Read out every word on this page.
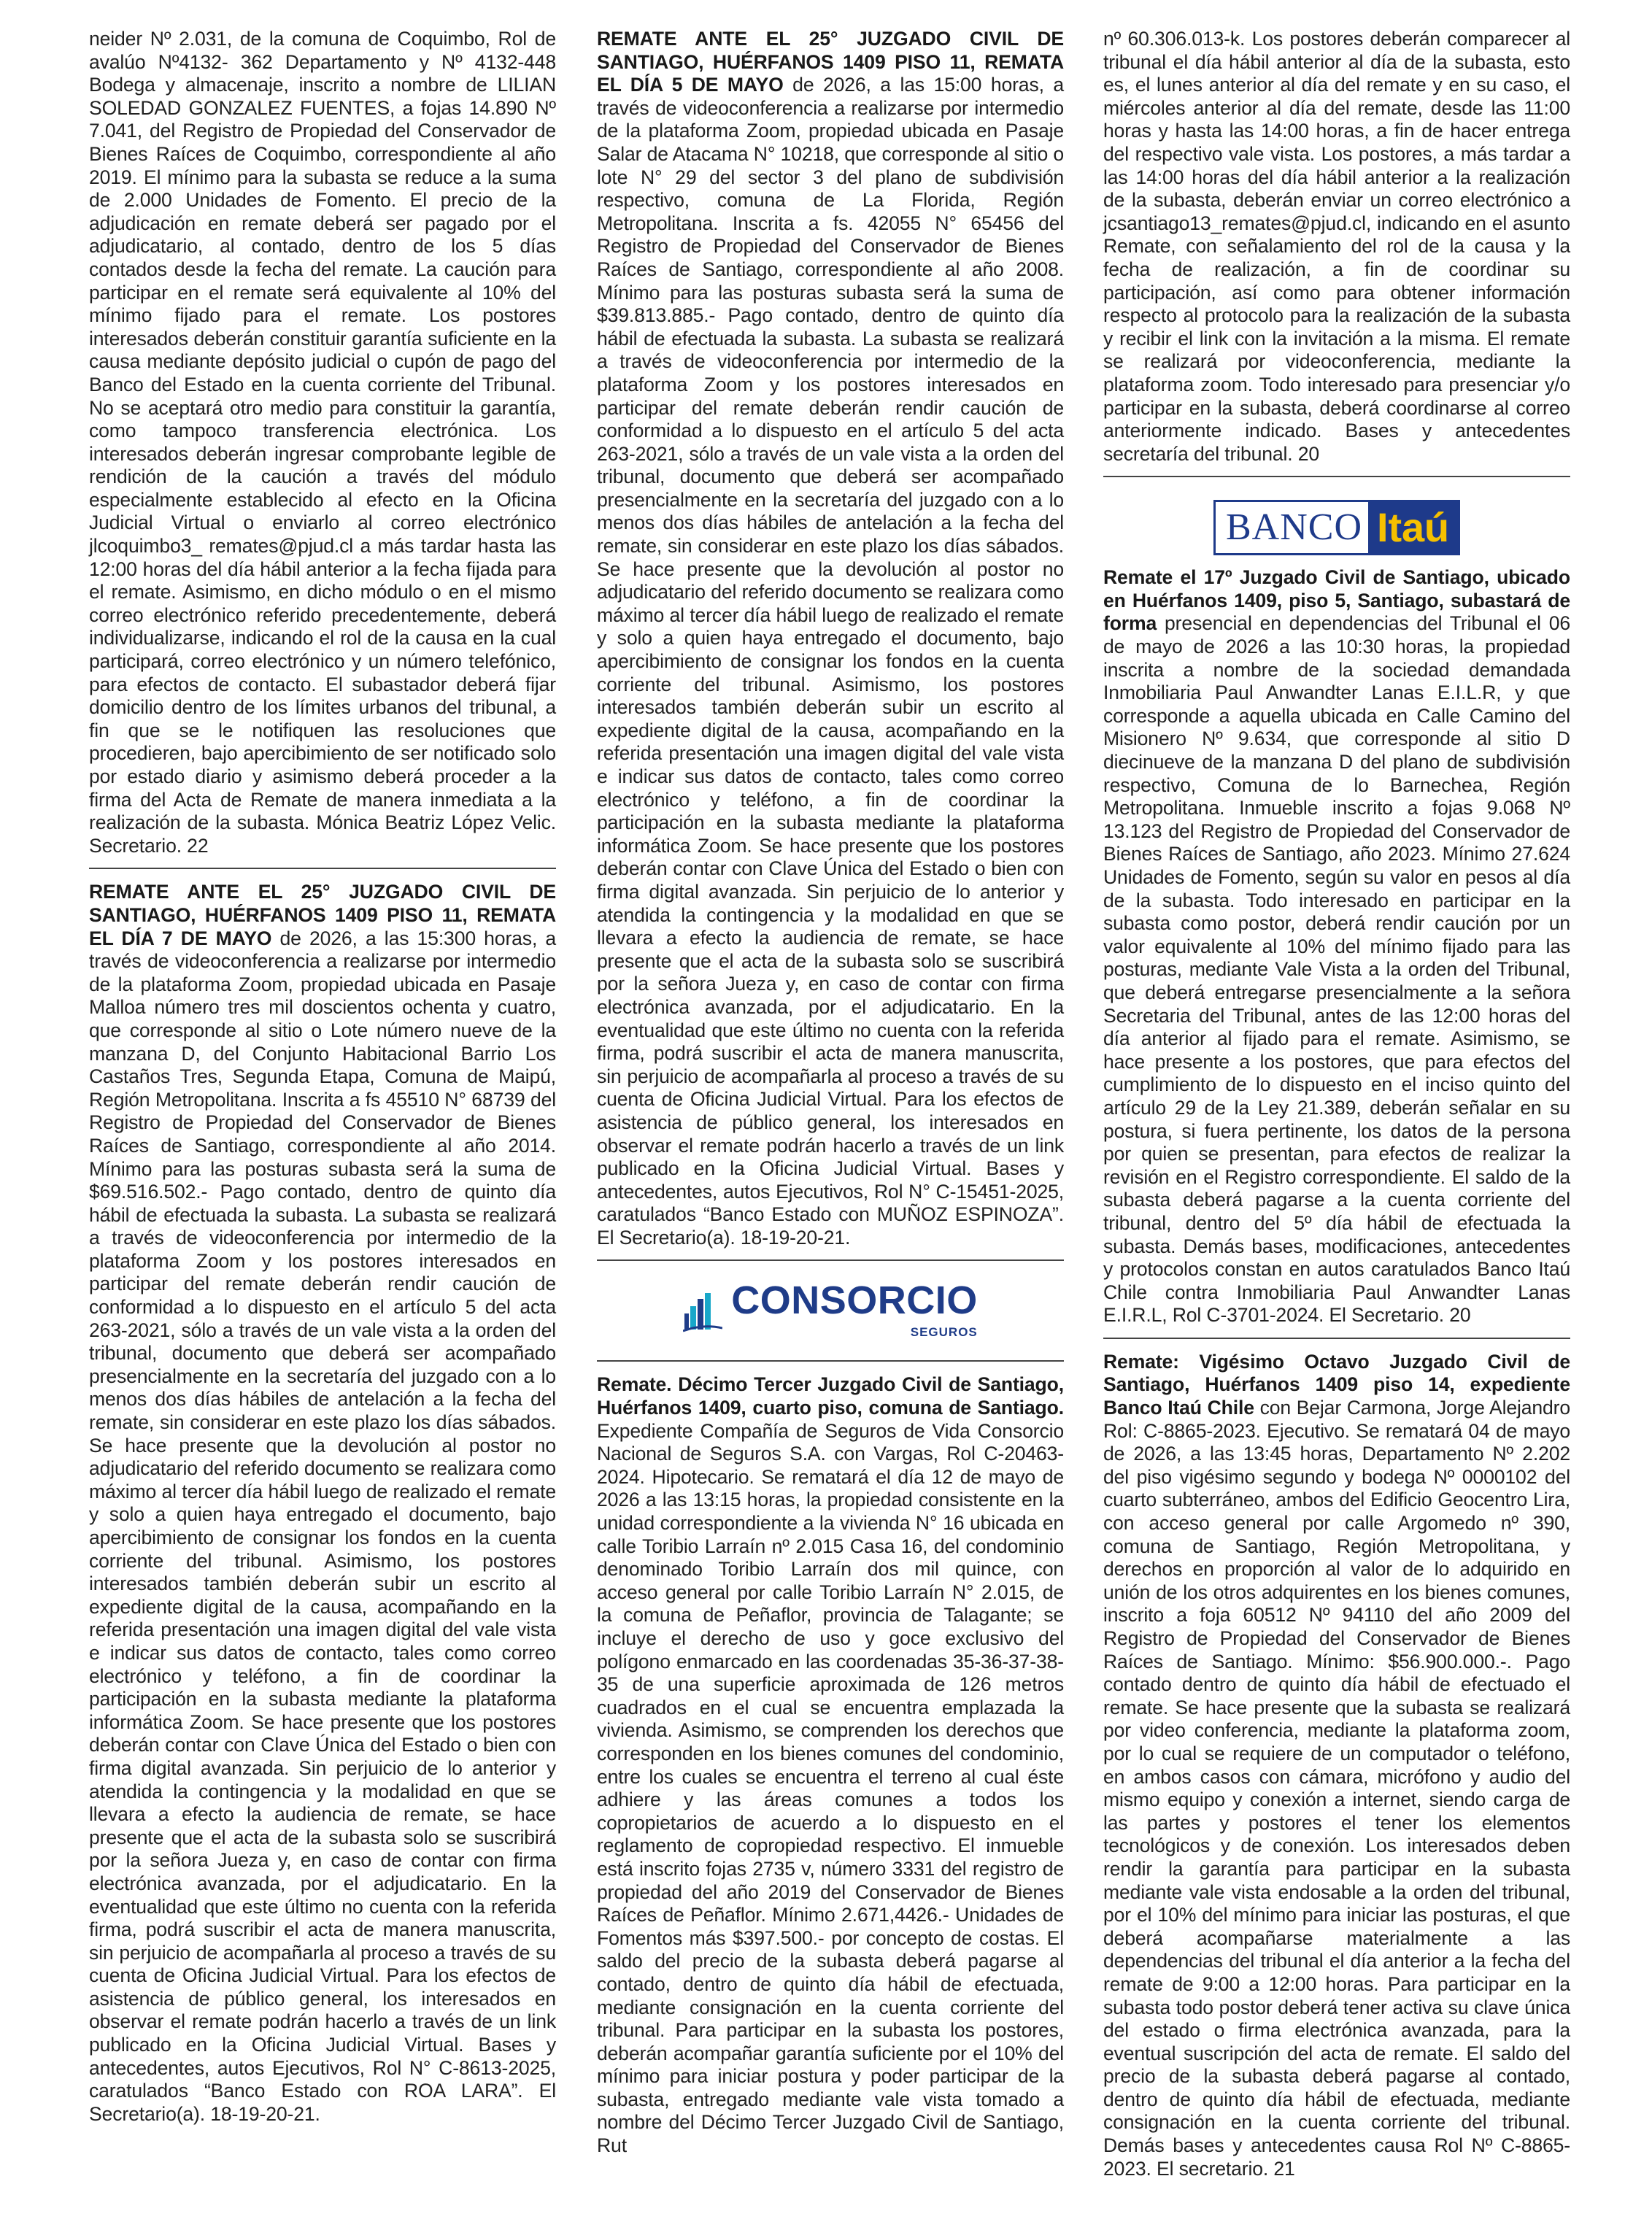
neider Nº 2.031, de la comuna de Coquimbo, Rol de avalúo Nº4132- 362 Departamento y Nº 4132-448 Bodega y almacenaje, inscrito a nombre de LILIAN SOLEDAD GONZALEZ FUENTES, a fojas 14.890 Nº 7.041, del Registro de Propiedad del Conservador de Bienes Raíces de Coquimbo, correspondiente al año 2019. El mínimo para la subasta se reduce a la suma de 2.000 Unidades de Fomento. El precio de la adjudicación en remate deberá ser pagado por el adjudicatario, al contado, dentro de los 5 días contados desde la fecha del remate. La caución para participar en el remate será equivalente al 10% del mínimo fijado para el remate. Los postores interesados deberán constituir garantía suficiente en la causa mediante depósito judicial o cupón de pago del Banco del Estado en la cuenta corriente del Tribunal. No se aceptará otro medio para constituir la garantía, como tampoco transferencia electrónica. Los interesados deberán ingresar comprobante legible de rendición de la caución a través del módulo especialmente establecido al efecto en la Oficina Judicial Virtual o enviarlo al correo electrónico jlcoquimbo3_ remates@pjud.cl a más tardar hasta las 12:00 horas del día hábil anterior a la fecha fijada para el remate. Asimismo, en dicho módulo o en el mismo correo electrónico referido precedentemente, deberá individualizarse, indicando el rol de la causa en la cual participará, correo electrónico y un número telefónico, para efectos de contacto. El subastador deberá fijar domicilio dentro de los límites urbanos del tribunal, a fin que se le notifiquen las resoluciones que procedieren, bajo apercibimiento de ser notificado solo por estado diario y asimismo deberá proceder a la firma del Acta de Remate de manera inmediata a la realización de la subasta. Mónica Beatriz López Velic. Secretario. 22

REMATE ANTE EL 25° JUZGADO CIVIL DE SANTIAGO, HUÉRFANOS 1409 PISO 11, REMATA EL DÍA 7 DE MAYO de 2026, a las 15:300 horas, a través de videoconferencia a realizarse por intermedio de la plataforma Zoom, propiedad ubicada en Pasaje Malloa número tres mil doscientos ochenta y cuatro, que corresponde al sitio o Lote número nueve de la manzana D, del Conjunto Habitacional Barrio Los Castaños Tres, Segunda Etapa, Comuna de Maipú, Región Metropolitana. Inscrita a fs 45510 N° 68739 del Registro de Propiedad del Conservador de Bienes Raíces de Santiago, correspondiente al año 2014. Mínimo para las posturas subasta será la suma de $69.516.502.- Pago contado, dentro de quinto día hábil de efectuada la subasta. La subasta se realizará a través de videoconferencia por intermedio de la plataforma Zoom y los postores interesados en participar del remate deberán rendir caución de conformidad a lo dispuesto en el artículo 5 del acta 263-2021, sólo a través de un vale vista a la orden del tribunal, documento que deberá ser acompañado presencialmente en la secretaría del juzgado con a lo menos dos días hábiles de antelación a la fecha del remate, sin considerar en este plazo los días sábados. Se hace presente que la devolución al postor no adjudicatario del referido documento se realizara como máximo al tercer día hábil luego de realizado el remate y solo a quien haya entregado el documento, bajo apercibimiento de consignar los fondos en la cuenta corriente del tribunal. Asimismo, los postores interesados también deberán subir un escrito al expediente digital de la causa, acompañando en la referida presentación una imagen digital del vale vista e indicar sus datos de contacto, tales como correo electrónico y teléfono, a fin de coordinar la participación en la subasta mediante la plataforma informática Zoom. Se hace presente que los postores deberán contar con Clave Única del Estado o bien con firma digital avanzada. Sin perjuicio de lo anterior y atendida la contingencia y la modalidad en que se llevara a efecto la audiencia de remate, se hace presente que el acta de la subasta solo se suscribirá por la señora Jueza y, en caso de contar con firma electrónica avanzada, por el adjudicatario. En la eventualidad que este último no cuenta con la referida firma, podrá suscribir el acta de manera manuscrita, sin perjuicio de acompañarla al proceso a través de su cuenta de Oficina Judicial Virtual. Para los efectos de asistencia de público general, los interesados en observar el remate podrán hacerlo a través de un link publicado en la Oficina Judicial Virtual. Bases y antecedentes, autos Ejecutivos, Rol N° C-8613-2025, caratulados “Banco Estado con ROA LARA”. El Secretario(a). 18-19-20-21.

REMATE ANTE EL 25° JUZGADO CIVIL DE SANTIAGO, HUÉRFANOS 1409 PISO 11, REMATA EL DÍA 5 DE MAYO de 2026, a las 15:00 horas, a través de videoconferencia a realizarse por intermedio de la plataforma Zoom, propiedad ubicada en Pasaje Salar de Atacama N° 10218, que corresponde al sitio o lote N° 29 del sector 3 del plano de subdivisión respectivo, comuna de La Florida, Región Metropolitana. Inscrita a fs. 42055 N° 65456 del Registro de Propiedad del Conservador de Bienes Raíces de Santiago, correspondiente al año 2008. Mínimo para las posturas subasta será la suma de $39.813.885.- Pago contado, dentro de quinto día hábil de efectuada la subasta. La subasta se realizará a través de videoconferencia por intermedio de la plataforma Zoom y los postores interesados en participar del remate deberán rendir caución de conformidad a lo dispuesto en el artículo 5 del acta 263-2021, sólo a través de un vale vista a la orden del tribunal, documento que deberá ser acompañado presencialmente en la secretaría del juzgado con a lo menos dos días hábiles de antelación a la fecha del remate, sin considerar en este plazo los días sábados. Se hace presente que la devolución al postor no adjudicatario del referido documento se realizara como máximo al tercer día hábil luego de realizado el remate y solo a quien haya entregado el documento, bajo apercibimiento de consignar los fondos en la cuenta corriente del tribunal. Asimismo, los postores interesados también deberán subir un escrito al expediente digital de la causa, acompañando en la referida presentación una imagen digital del vale vista e indicar sus datos de contacto, tales como correo electrónico y teléfono, a fin de coordinar la participación en la subasta mediante la plataforma informática Zoom. Se hace presente que los postores deberán contar con Clave Única del Estado o bien con firma digital avanzada. Sin perjuicio de lo anterior y atendida la contingencia y la modalidad en que se llevara a efecto la audiencia de remate, se hace presente que el acta de la subasta solo se suscribirá por la señora Jueza y, en caso de contar con firma electrónica avanzada, por el adjudicatario. En la eventualidad que este último no cuenta con la referida firma, podrá suscribir el acta de manera manuscrita, sin perjuicio de acompañarla al proceso a través de su cuenta de Oficina Judicial Virtual. Para los efectos de asistencia de público general, los interesados en observar el remate podrán hacerlo a través de un link publicado en la Oficina Judicial Virtual. Bases y antecedentes, autos Ejecutivos, Rol N° C-15451-2025, caratulados “Banco Estado con MUÑOZ ESPINOZA”. El Secretario(a). 18-19-20-21.

CONSORCIO
SEGUROS

Remate. Décimo Tercer Juzgado Civil de Santiago, Huérfanos 1409, cuarto piso, comuna de Santiago. Expediente Compañía de Seguros de Vida Consorcio Nacional de Seguros S.A. con Vargas, Rol C-20463-2024. Hipotecario. Se rematará el día 12 de mayo de 2026 a las 13:15 horas, la propiedad consistente en la unidad correspondiente a la vivienda N° 16 ubicada en calle Toribio Larraín nº 2.015 Casa 16, del condominio denominado Toribio Larraín dos mil quince, con acceso general por calle Toribio Larraín N° 2.015, de la comuna de Peñaflor, provincia de Talagante; se incluye el derecho de uso y goce exclusivo del polígono enmarcado en las coordenadas 35-36-37-38-35 de una superficie aproximada de 126 metros cuadrados en el cual se encuentra emplazada la vivienda. Asimismo, se comprenden los derechos que corresponden en los bienes comunes del condominio, entre los cuales se encuentra el terreno al cual éste adhiere y las áreas comunes a todos los copropietarios de acuerdo a lo dispuesto en el reglamento de copropiedad respectivo. El inmueble está inscrito fojas 2735 v, número 3331 del registro de propiedad del año 2019 del Conservador de Bienes Raíces de Peñaflor. Mínimo 2.671,4426.- Unidades de Fomentos más $397.500.- por concepto de costas. El saldo del precio de la subasta deberá pagarse al contado, dentro de quinto día hábil de efectuada, mediante consignación en la cuenta corriente del tribunal. Para participar en la subasta los postores, deberán acompañar garantía suficiente por el 10% del mínimo para iniciar postura y poder participar de la subasta, entregado mediante vale vista tomado a nombre del Décimo Tercer Juzgado Civil de Santiago, Rut

nº 60.306.013-k. Los postores deberán comparecer al tribunal el día hábil anterior al día de la subasta, esto es, el lunes anterior al día del remate y en su caso, el miércoles anterior al día del remate, desde las 11:00 horas y hasta las 14:00 horas, a fin de hacer entrega del respectivo vale vista. Los postores, a más tardar a las 14:00 horas del día hábil anterior a la realización de la subasta, deberán enviar un correo electrónico a jcsantiago13_remates@pjud.cl, indicando en el asunto Remate, con señalamiento del rol de la causa y la fecha de realización, a fin de coordinar su participación, así como para obtener información respecto al protocolo para la realización de la subasta y recibir el link con la invitación a la misma. El remate se realizará por videoconferencia, mediante la plataforma zoom. Todo interesado para presenciar y/o participar en la subasta, deberá coordinarse al correo anteriormente indicado. Bases y antecedentes secretaría del tribunal. 20

BANCO Itaú

Remate el 17º Juzgado Civil de Santiago, ubicado en Huérfanos 1409, piso 5, Santiago, subastará de forma presencial en dependencias del Tribunal el 06 de mayo de 2026 a las 10:30 horas, la propiedad inscrita a nombre de la sociedad demandada Inmobiliaria Paul Anwandter Lanas E.I.L.R, y que corresponde a aquella ubicada en Calle Camino del Misionero Nº 9.634, que corresponde al sitio D diecinueve de la manzana D del plano de subdivisión respectivo, Comuna de lo Barnechea, Región Metropolitana. Inmueble inscrito a fojas 9.068 Nº 13.123 del Registro de Propiedad del Conservador de Bienes Raíces de Santiago, año 2023. Mínimo 27.624 Unidades de Fomento, según su valor en pesos al día de la subasta. Todo interesado en participar en la subasta como postor, deberá rendir caución por un valor equivalente al 10% del mínimo fijado para las posturas, mediante Vale Vista a la orden del Tribunal, que deberá entregarse presencialmente a la señora Secretaria del Tribunal, antes de las 12:00 horas del día anterior al fijado para el remate. Asimismo, se hace presente a los postores, que para efectos del cumplimiento de lo dispuesto en el inciso quinto del artículo 29 de la Ley 21.389, deberán señalar en su postura, si fuera pertinente, los datos de la persona por quien se presentan, para efectos de realizar la revisión en el Registro correspondiente. El saldo de la subasta deberá pagarse a la cuenta corriente del tribunal, dentro del 5º día hábil de efectuada la subasta. Demás bases, modificaciones, antecedentes y protocolos constan en autos caratulados Banco Itaú Chile contra Inmobiliaria Paul Anwandter Lanas E.I.R.L, Rol C-3701-2024. El Secretario. 20

Remate: Vigésimo Octavo Juzgado Civil de Santiago, Huérfanos 1409 piso 14, expediente Banco Itaú Chile con Bejar Carmona, Jorge Alejandro Rol: C-8865-2023. Ejecutivo. Se rematará 04 de mayo de 2026, a las 13:45 horas, Departamento Nº 2.202 del piso vigésimo segundo y bodega Nº 0000102 del cuarto subterráneo, ambos del Edificio Geocentro Lira, con acceso general por calle Argomedo nº 390, comuna de Santiago, Región Metropolitana, y derechos en proporción al valor de lo adquirido en unión de los otros adquirentes en los bienes comunes, inscrito a foja 60512 Nº 94110 del año 2009 del Registro de Propiedad del Conservador de Bienes Raíces de Santiago. Mínimo: $56.900.000.-. Pago contado dentro de quinto día hábil de efectuado el remate. Se hace presente que la subasta se realizará por video conferencia, mediante la plataforma zoom, por lo cual se requiere de un computador o teléfono, en ambos casos con cámara, micrófono y audio del mismo equipo y conexión a internet, siendo carga de las partes y postores el tener los elementos tecnológicos y de conexión. Los interesados deben rendir la garantía para participar en la subasta mediante vale vista endosable a la orden del tribunal, por el 10% del mínimo para iniciar las posturas, el que deberá acompañarse materialmente a las dependencias del tribunal el día anterior a la fecha del remate de 9:00 a 12:00 horas. Para participar en la subasta todo postor deberá tener activa su clave única del estado o firma electrónica avanzada, para la eventual suscripción del acta de remate. El saldo del precio de la subasta deberá pagarse al contado, dentro de quinto día hábil de efectuada, mediante consignación en la cuenta corriente del tribunal. Demás bases y antecedentes causa Rol Nº C-8865-2023. El secretario. 21
